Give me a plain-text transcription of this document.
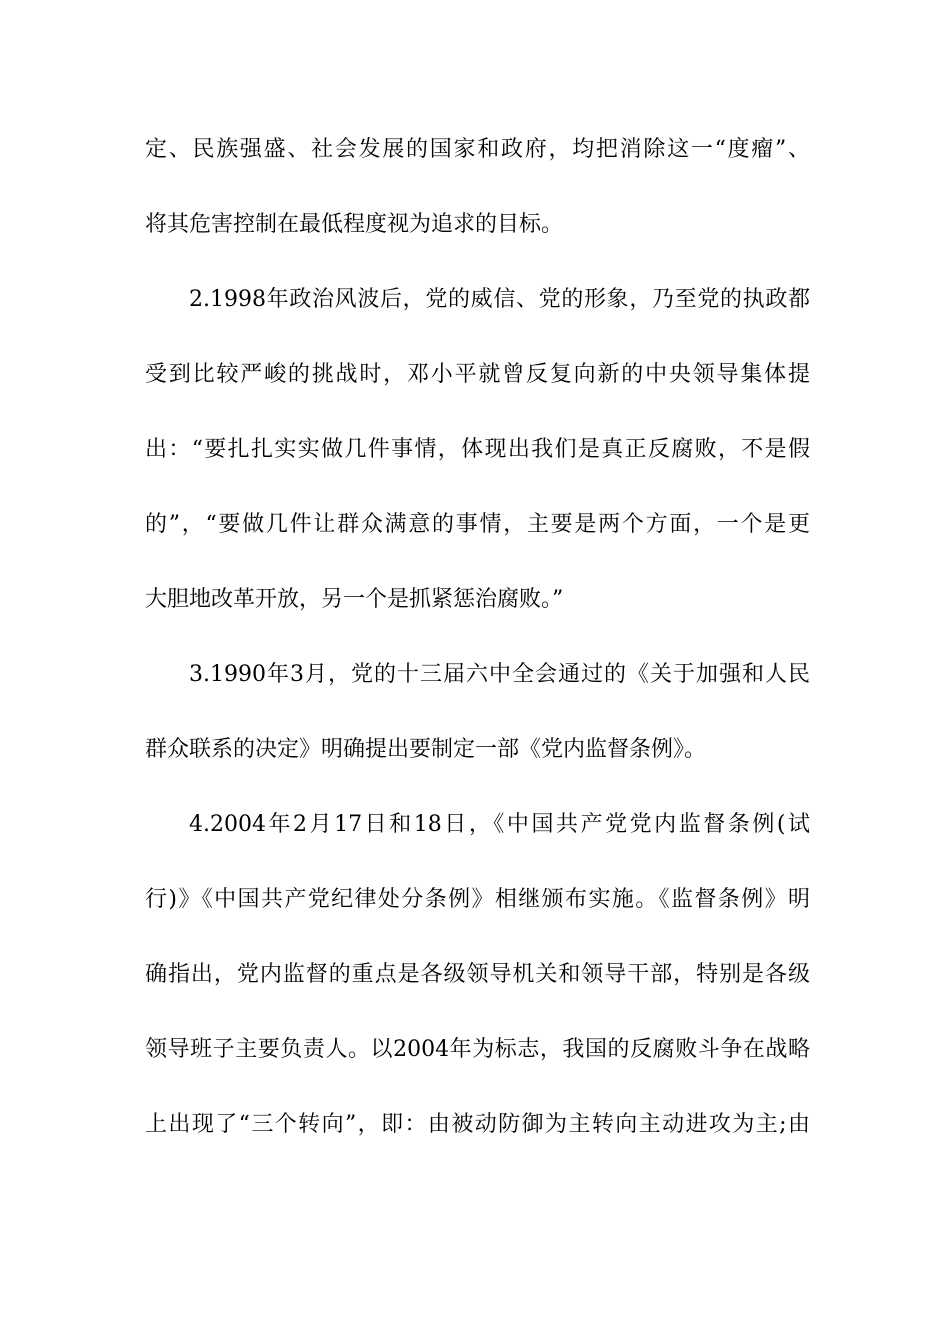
定、民族强盛、社会发展的国家和政府，均把消除这一“度瘤”、
将其危害控制在最低程度视为追求的目标。
2.1998年政治风波后，党的威信、党的形象，乃至党的执政都
受到比较严峻的挑战时，邓小平就曾反复向新的中央领导集体提
出：“要扎扎实实做几件事情，体现出我们是真正反腐败，不是假
的”，“要做几件让群众满意的事情，主要是两个方面，一个是更
大胆地改革开放，另一个是抓紧惩治腐败。”
3.1990年3月，党的十三届六中全会通过的《关于加强和人民
群众联系的决定》明确提出要制定一部《党内监督条例》。
4.2004年2月17日和18日，《中国共产党党内监督条例(试
行)》《中国共产党纪律处分条例》相继颁布实施。《监督条例》明
确指出，党内监督的重点是各级领导机关和领导干部，特别是各级
领导班子主要负责人。以2004年为标志，我国的反腐败斗争在战略
上出现了“三个转向”，即：由被动防御为主转向主动进攻为主;由
